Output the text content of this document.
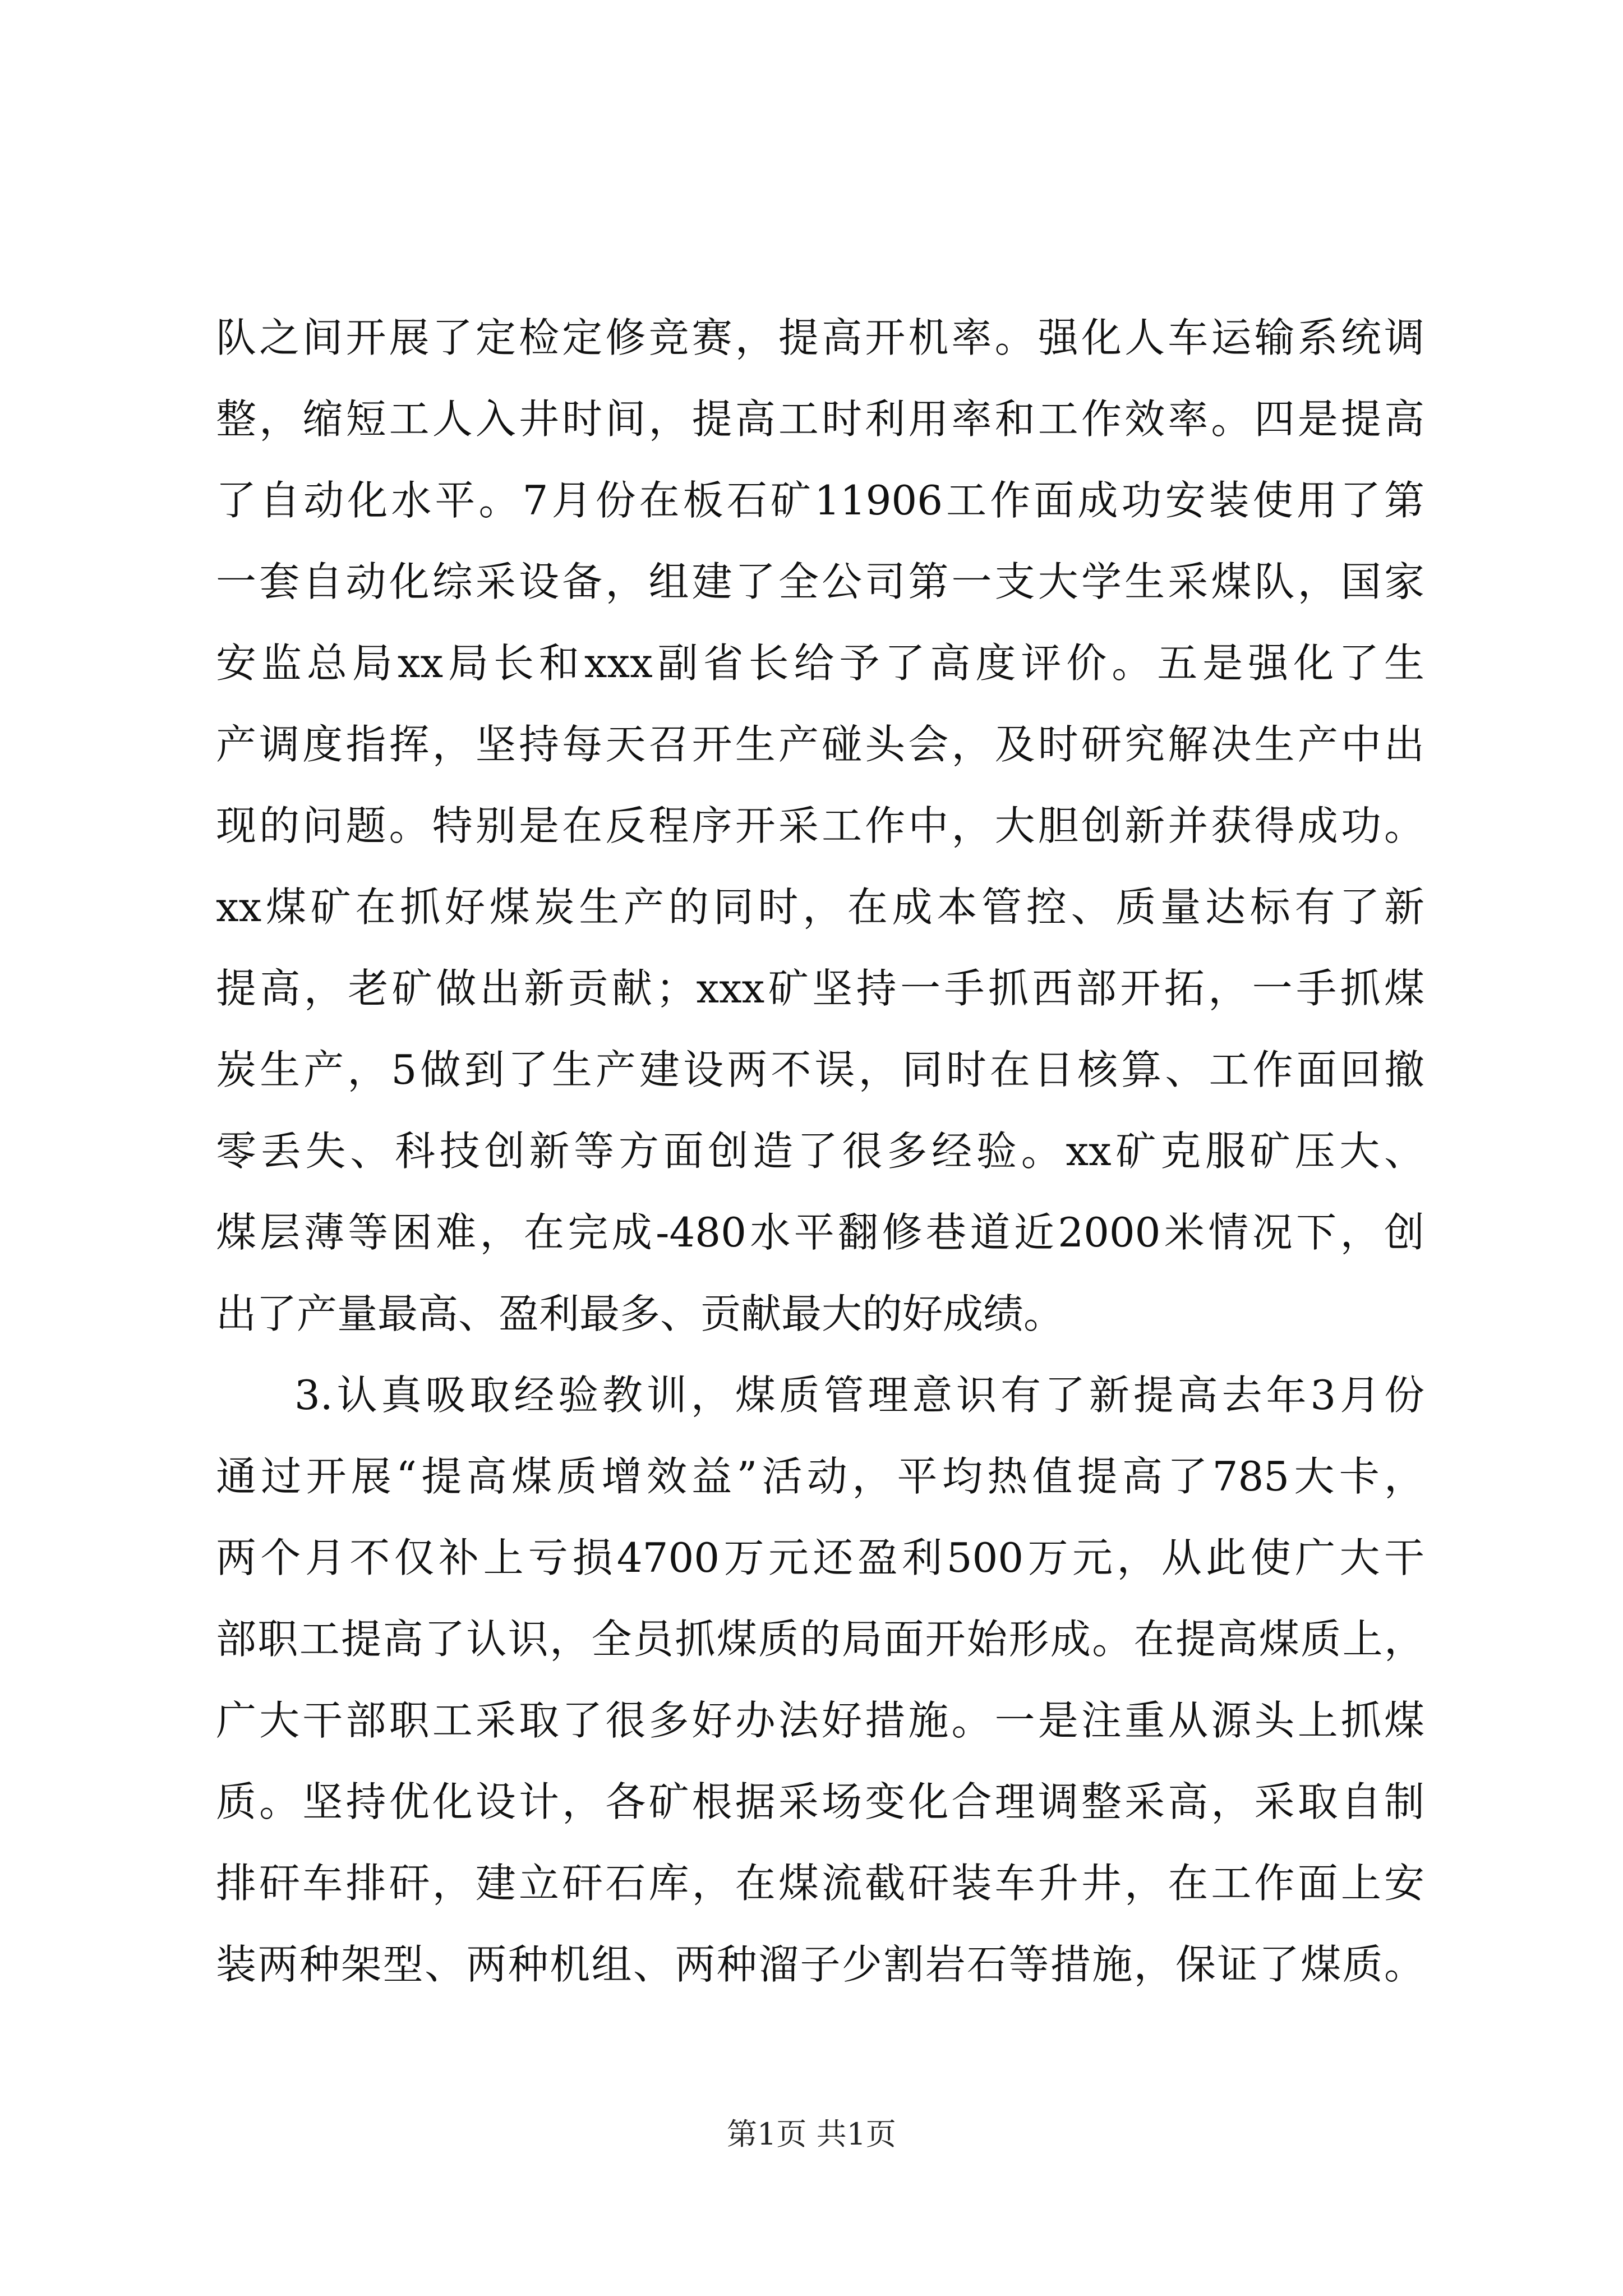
队之间开展了定检定修竞赛，提高开机率。强化人车运输系统调
整，缩短工人入井时间，提高工时利用率和工作效率。四是提高
了自动化水平。7月份在板石矿11906工作面成功安装使用了第
一套自动化综采设备，组建了全公司第一支大学生采煤队，国家
安监总局xx局长和xxx副省长给予了高度评价。五是强化了生
产调度指挥，坚持每天召开生产碰头会，及时研究解决生产中出
现的问题。特别是在反程序开采工作中，大胆创新并获得成功。
xx煤矿在抓好煤炭生产的同时，在成本管控、质量达标有了新
提高，老矿做出新贡献；xxx矿坚持一手抓西部开拓，一手抓煤
炭生产，5做到了生产建设两不误，同时在日核算、工作面回撤
零丢失、科技创新等方面创造了很多经验。xx矿克服矿压大、
煤层薄等困难，在完成-480水平翻修巷道近2000米情况下，创
出了产量最高、盈利最多、贡献最大的好成绩。
3.认真吸取经验教训，煤质管理意识有了新提高去年3月份
通过开展“提高煤质增效益”活动，平均热值提高了785大卡，
两个月不仅补上亏损4700万元还盈利500万元，从此使广大干
部职工提高了认识，全员抓煤质的局面开始形成。在提高煤质上，
广大干部职工采取了很多好办法好措施。一是注重从源头上抓煤
质。坚持优化设计，各矿根据采场变化合理调整采高，采取自制
排矸车排矸，建立矸石库，在煤流截矸装车升井，在工作面上安
装两种架型、两种机组、两种溜子少割岩石等措施，保证了煤质。
第1页 共1页
